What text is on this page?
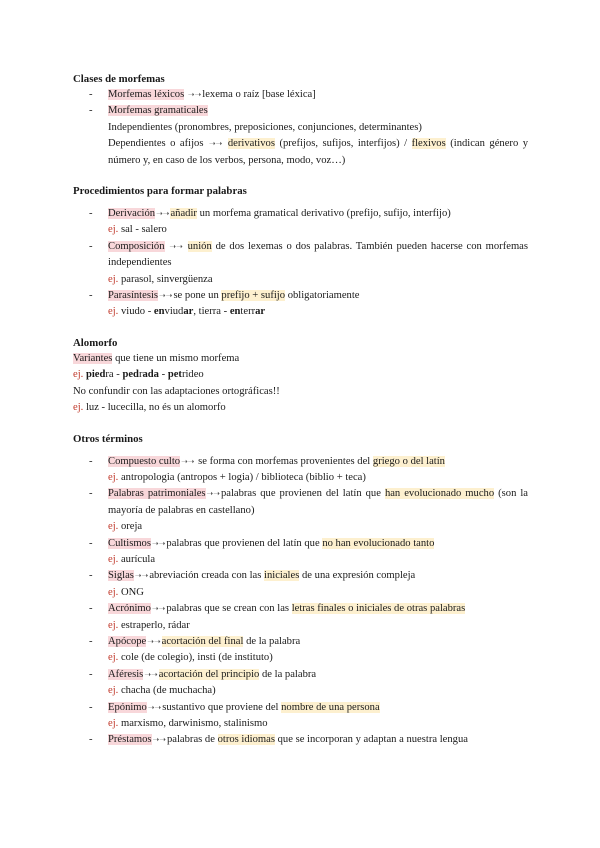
Clases de morfemas
- Morfemas léxicos ➝➝lexema o raíz [base léxica]
- Morfemas gramaticales
Independientes (pronombres, preposiciones, conjunciones, determinantes)
Dependientes o afijos ➝➝ derivativos (prefijos, sufijos, interfijos) / flexivos (indican género y número y, en caso de los verbos, persona, modo, voz…)
Procedimientos para formar palabras
- Derivación➝➝añadir un morfema gramatical derivativo (prefijo, sufijo, interfijo)
ej. sal - salero
- Composición ➝➝ unión de dos lexemas o dos palabras. También pueden hacerse con morfemas independientes
ej. parasol, sinvergüenza
- Parasíntesis➝➝se pone un prefijo + sufijo obligatoriamente
ej. viudo - enviudar, tierra - enterrar
Alomorfo
Variantes que tiene un mismo morfema
ej. piedra - pedrada - petrideo
No confundir con las adaptaciones ortográficas!!
ej. luz - lucecilla, no és un alomorfo
Otros términos
- Compuesto culto➝➝ se forma con morfemas provenientes del griego o del latín
ej. antropologia (antropos + logia) / biblioteca (biblio + teca)
- Palabras patrimoniales➝➝palabras que provienen del latín que han evolucionado mucho (son la mayoría de palabras en castellano)
ej. oreja
- Cultismos➝➝palabras que provienen del latín que no han evolucionado tanto
ej. aurícula
- Siglas➝➝abreviación creada con las iniciales de una expresión compleja
ej. ONG
- Acrónimo➝➝palabras que se crean con las letras finales o iniciales de otras palabras
ej. estraperlo, rádar
- Apócope➝➝acortación del final de la palabra
ej. cole (de colegio), insti (de instituto)
- Aféresis➝➝acortación del principio de la palabra
ej. chacha (de muchacha)
- Epónimo➝➝sustantivo que proviene del nombre de una persona
ej. marxismo, darwinismo, stalinismo
- Préstamos➝➝palabras de otros idiomas que se incorporan y adaptan a nuestra lengua
